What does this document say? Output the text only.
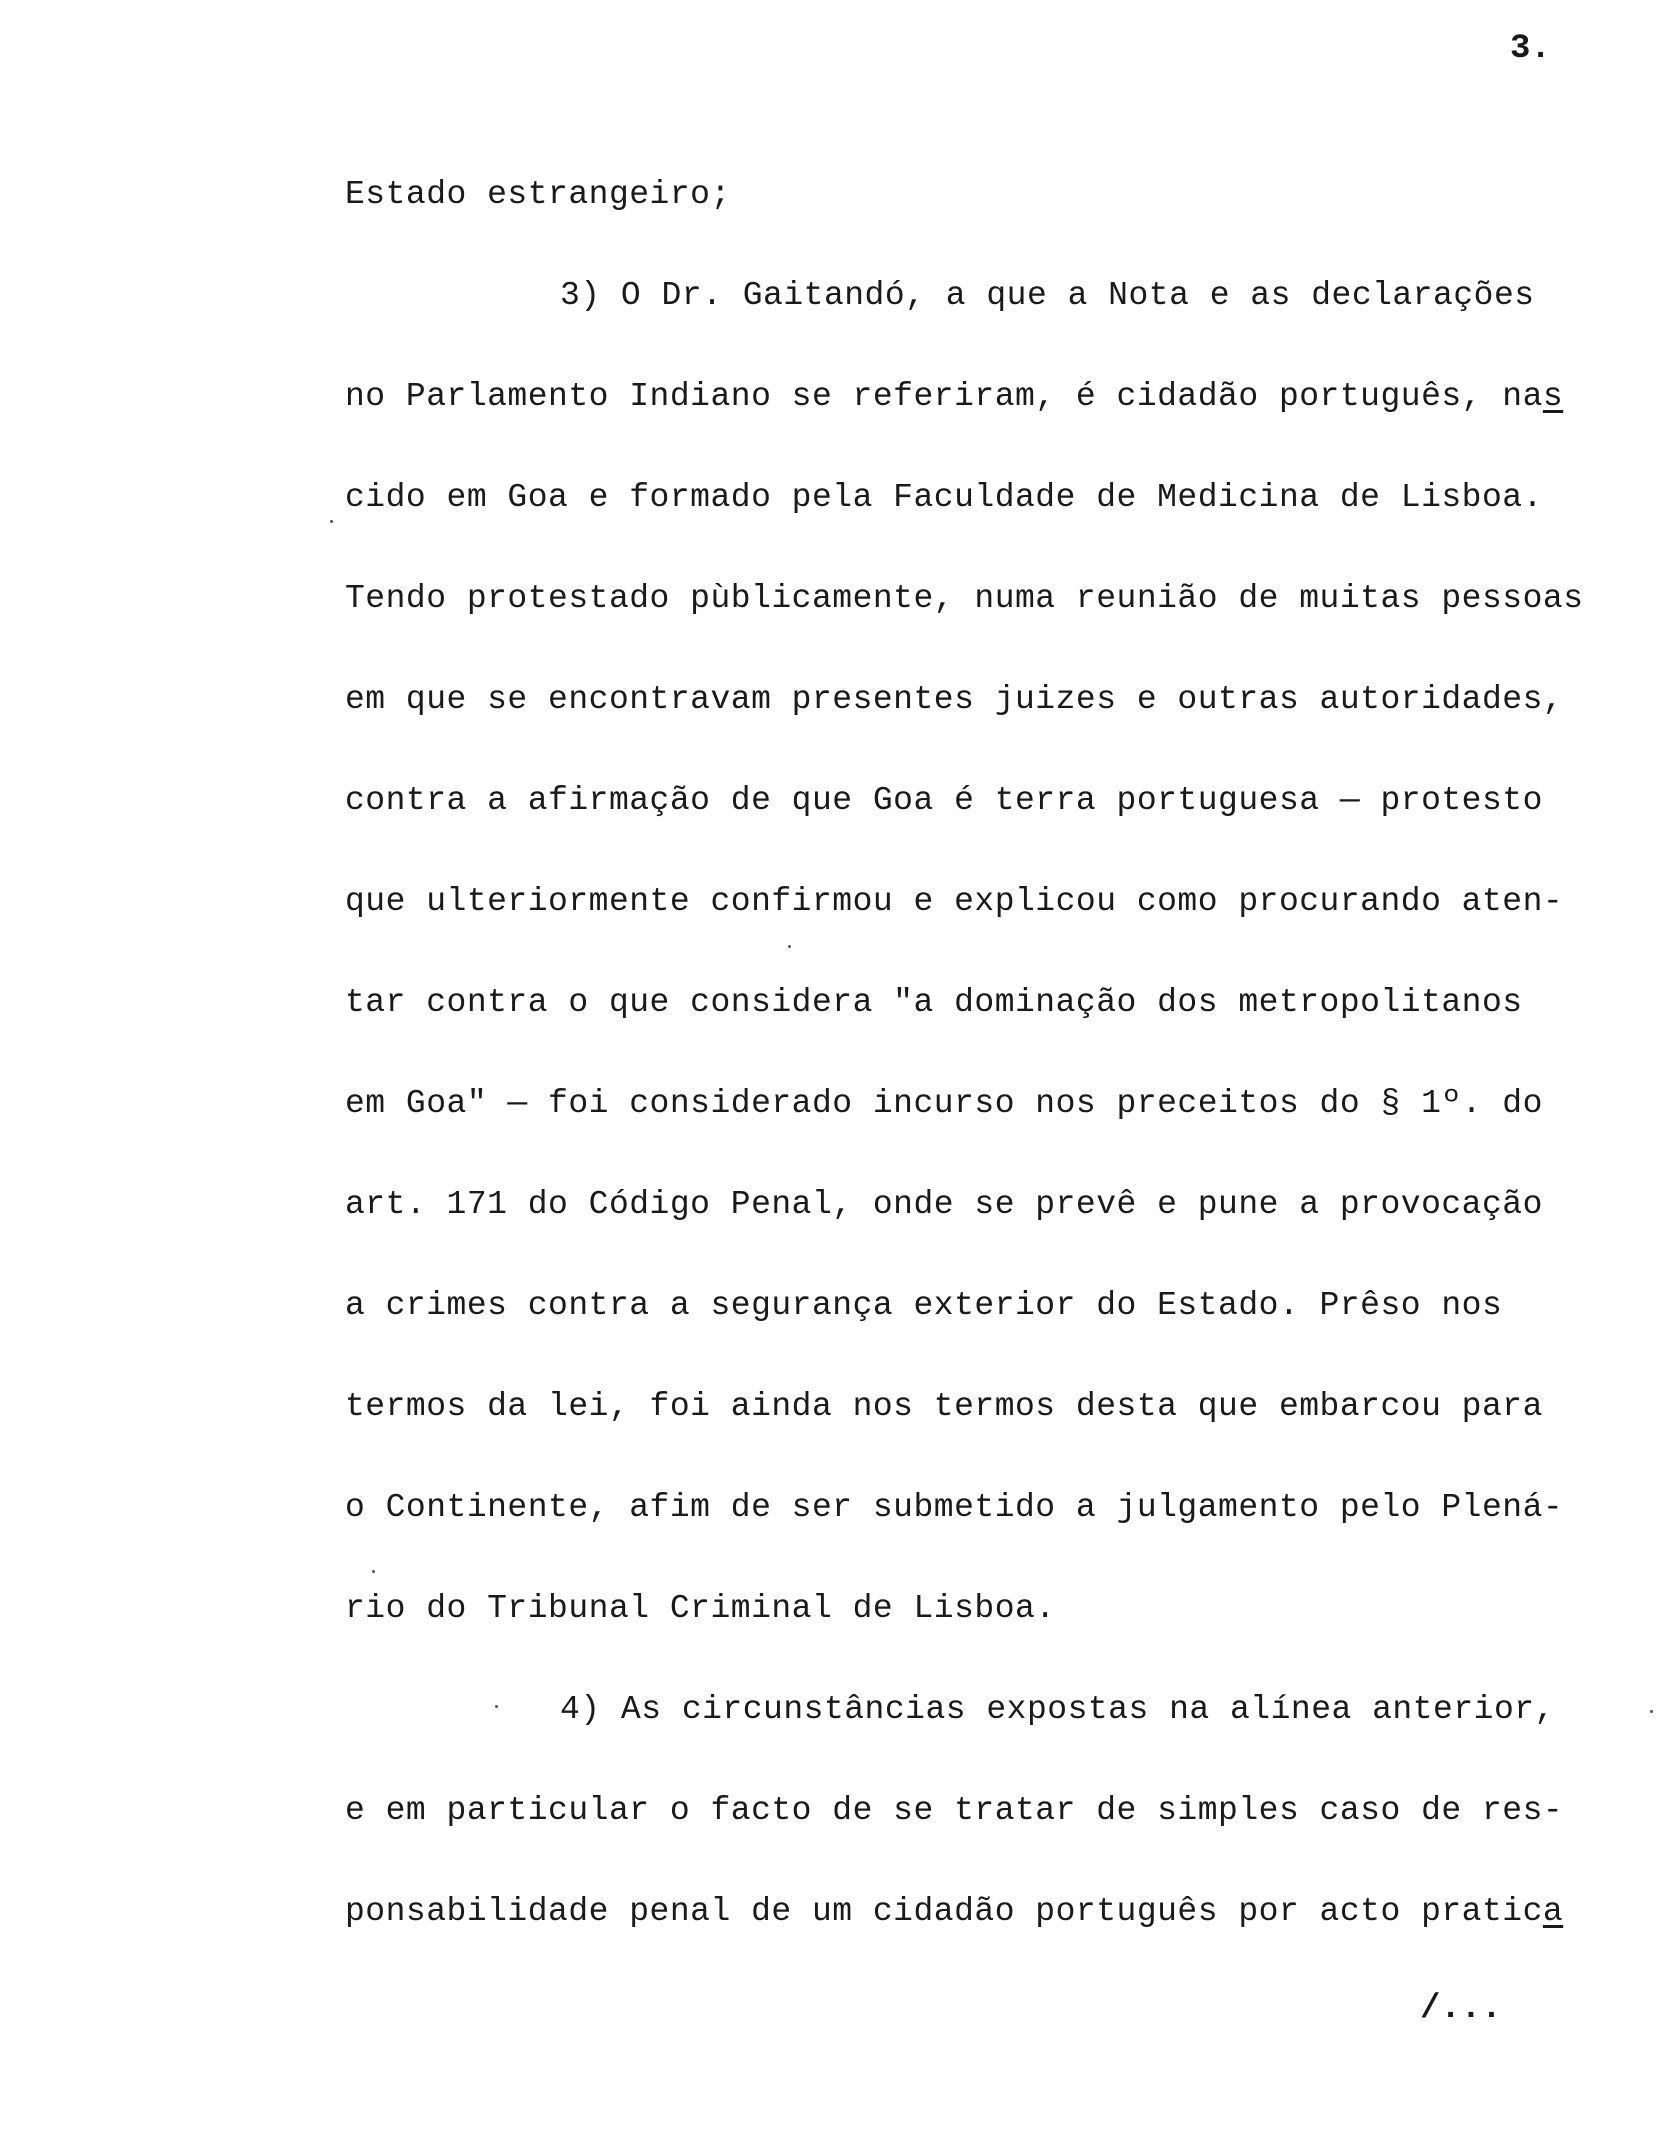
3.
Estado estrangeiro;
3) O Dr. Gaitandó, a que a Nota e as declarações
no Parlamento Indiano se referiram, é cidadão português, nas
cido em Goa e formado pela Faculdade de Medicina de Lisboa.
Tendo protestado pùblicamente, numa reunião de muitas pessoas
em que se encontravam presentes juizes e outras autoridades,
contra a afirmação de que Goa é terra portuguesa — protesto
que ulteriormente confirmou e explicou como procurando aten-
tar contra o que considera "a dominação dos metropolitanos
em Goa" — foi considerado incurso nos preceitos do § 1º. do
art. 171 do Código Penal, onde se prevê e pune a provocação
a crimes contra a segurança exterior do Estado. Prêso nos
termos da lei, foi ainda nos termos desta que embarcou para
o Continente, afim de ser submetido a julgamento pelo Plená-
rio do Tribunal Criminal de Lisboa.
4) As circunstâncias expostas na alínea anterior,
e em particular o facto de se tratar de simples caso de res-
ponsabilidade penal de um cidadão português por acto pratica
/...
